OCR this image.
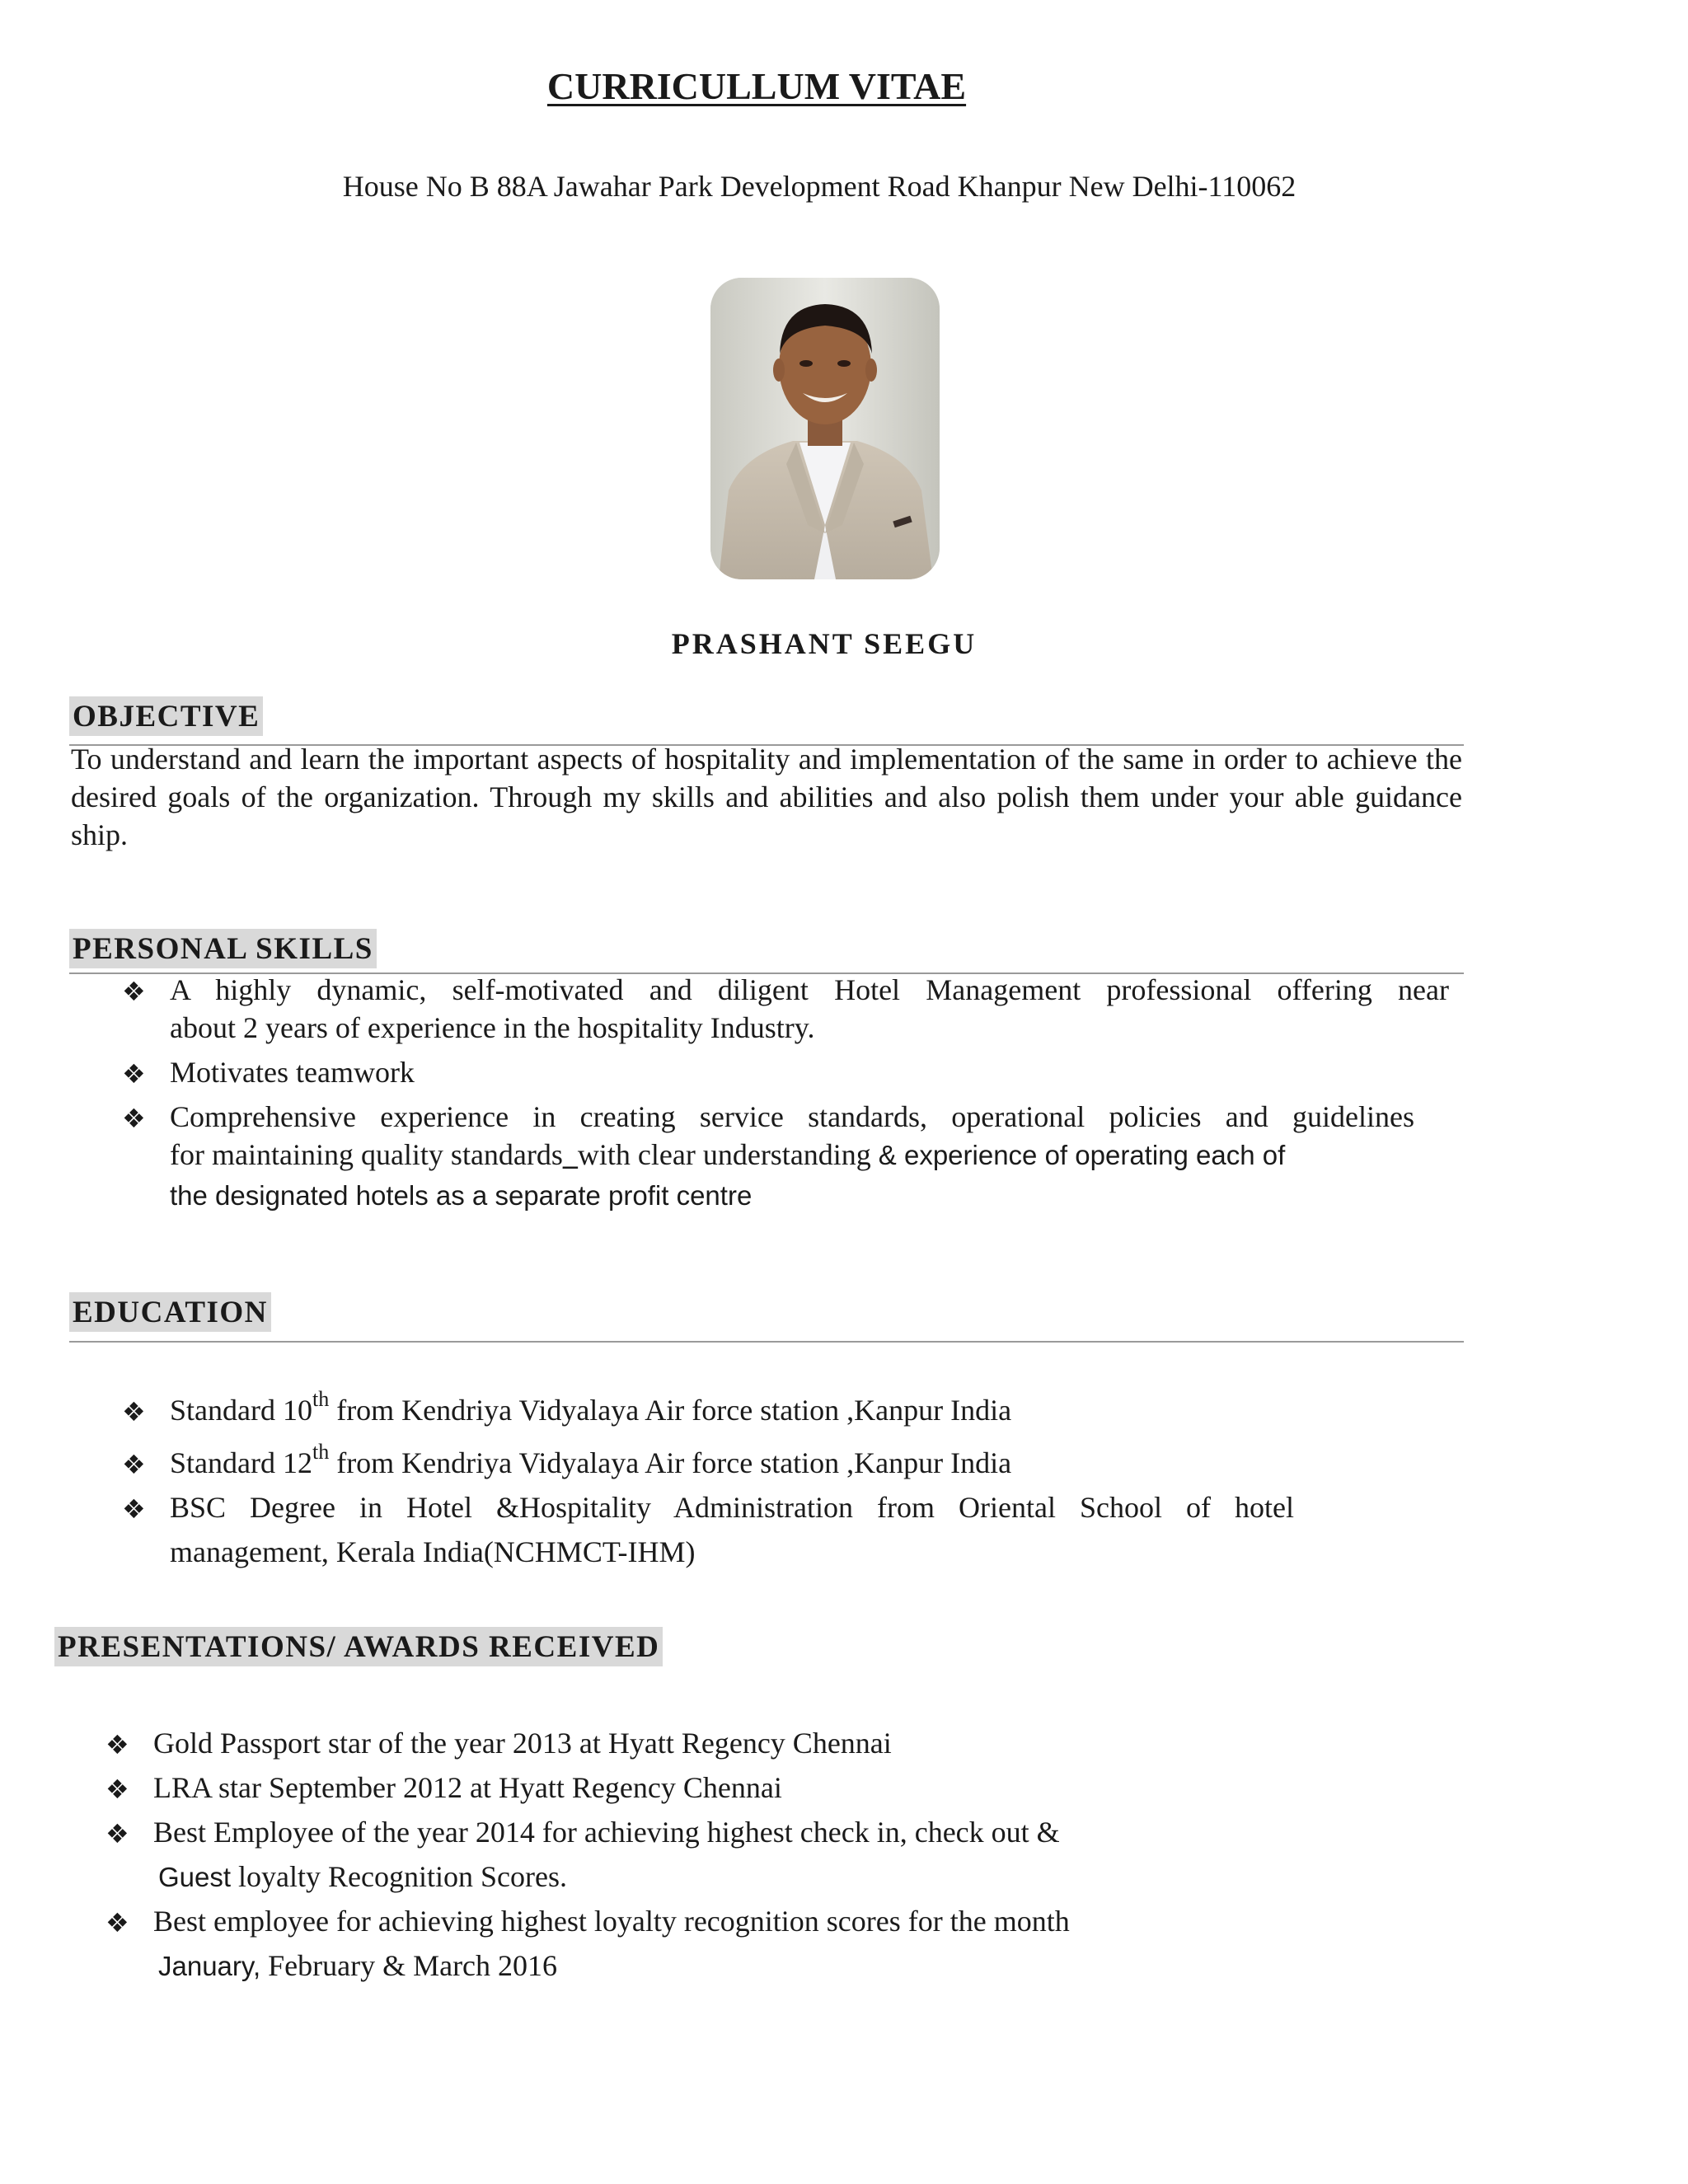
CURRICULLUM VITAE
House No B 88A Jawahar Park Development Road Khanpur New Delhi-110062
PRASHANT SEEGU
OBJECTIVE
To understand and learn the important aspects of hospitality and implementation of the same in order to achieve the desired goals of the organization. Through my skills and abilities and also polish them under your able guidance ship.
PERSONAL SKILLS
❖ A highly dynamic, self-motivated and diligent Hotel Management professional offering near
about 2 years of experience in the hospitality Industry.
❖ Motivates teamwork
❖ Comprehensive experience in creating service standards, operational policies and guidelines
for maintaining quality standards_with clear understanding & experience of operating each of
the designated hotels as a separate profit centre
EDUCATION
❖ Standard 10th from Kendriya Vidyalaya Air force station ,Kanpur India
❖ Standard 12th from Kendriya Vidyalaya Air force station ,Kanpur India
❖ BSC Degree in Hotel &Hospitality Administration from Oriental School of hotel
management, Kerala India(NCHMCT-IHM)
PRESENTATIONS/ AWARDS RECEIVED
❖ Gold Passport star of the year 2013 at Hyatt Regency Chennai
❖ LRA star September 2012 at Hyatt Regency Chennai
❖ Best Employee of the year 2014 for achieving highest check in, check out &
Guest loyalty Recognition Scores.
❖ Best employee for achieving highest loyalty recognition scores for the month
January, February & March 2016
